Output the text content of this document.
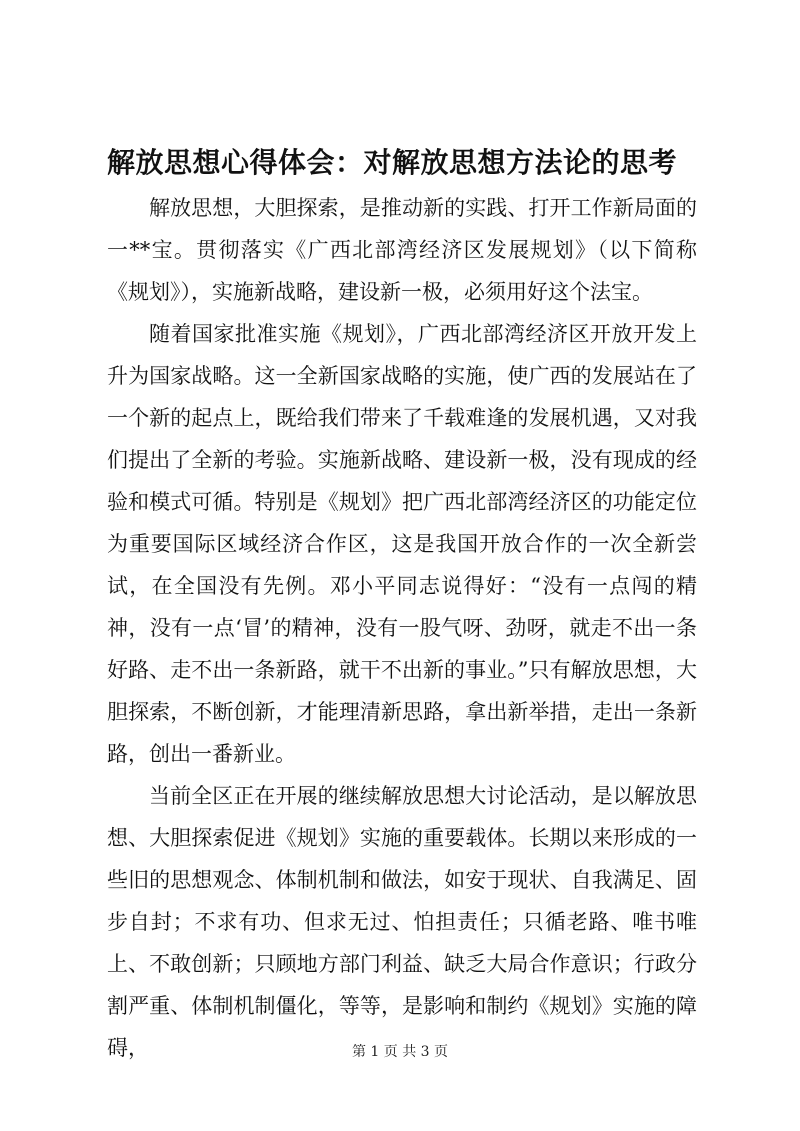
解放思想心得体会：对解放思想方法论的思考

解放思想，大胆探索，是推动新的实践、打开工作新局面的一**宝。贯彻落实《广西北部湾经济区发展规划》（以下简称《规划》），实施新战略，建设新一极，必须用好这个法宝。

随着国家批准实施《规划》，广西北部湾经济区开放开发上升为国家战略。这一全新国家战略的实施，使广西的发展站在了一个新的起点上，既给我们带来了千载难逢的发展机遇，又对我们提出了全新的考验。实施新战略、建设新一极，没有现成的经验和模式可循。特别是《规划》把广西北部湾经济区的功能定位为重要国际区域经济合作区，这是我国开放合作的一次全新尝试，在全国没有先例。邓小平同志说得好：“没有一点闯的精神，没有一点‘冒’的精神，没有一股气呀、劲呀，就走不出一条好路、走不出一条新路，就干不出新的事业。”只有解放思想，大胆探索，不断创新，才能理清新思路，拿出新举措，走出一条新路，创出一番新业。

当前全区正在开展的继续解放思想大讨论活动，是以解放思想、大胆探索促进《规划》实施的重要载体。长期以来形成的一些旧的思想观念、体制机制和做法，如安于现状、自我满足、固步自封；不求有功、但求无过、怕担责任；只循老路、唯书唯上、不敢创新；只顾地方部门利益、缺乏大局合作意识；行政分割严重、体制机制僵化，等等，是影响和制约《规划》实施的障碍，	第 1 页 共 3 页
